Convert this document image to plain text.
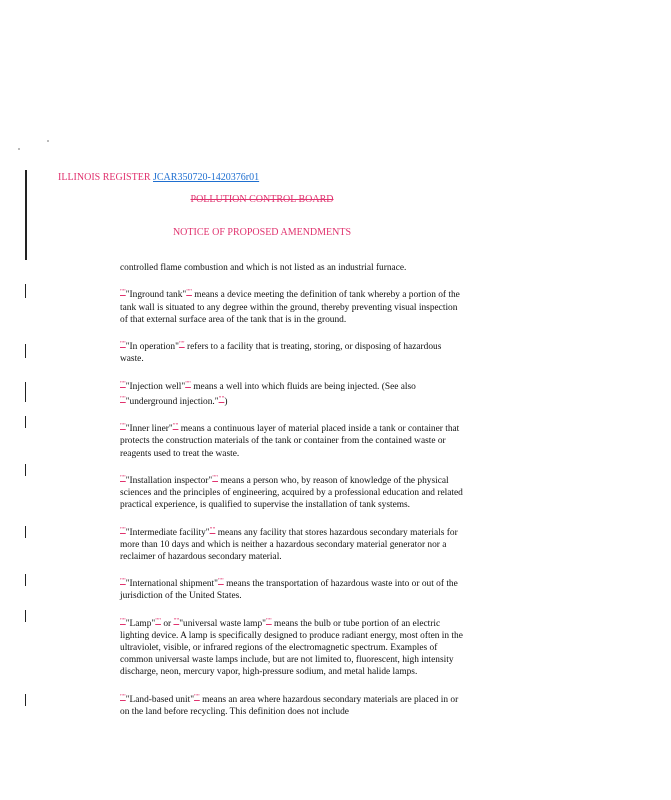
ILLINOIS REGISTER JCAR350720-1420376r01
POLLUTION CONTROL BOARD
NOTICE OF PROPOSED AMENDMENTS

controlled flame combustion and which is not listed as an industrial furnace.

"""Inground tank""" means a device meeting the definition of tank whereby a portion of the tank wall is situated to any degree within the ground, thereby preventing visual inspection of that external surface area of the tank that is in the ground.

"""In operation""" refers to a facility that is treating, storing, or disposing of hazardous waste.

"""Injection well""" means a well into which fluids are being injected. (See also """underground injection.""")

"""Inner liner""" means a continuous layer of material placed inside a tank or container that protects the construction materials of the tank or container from the contained waste or reagents used to treat the waste.

"""Installation inspector""" means a person who, by reason of knowledge of the physical sciences and the principles of engineering, acquired by a professional education and related practical experience, is qualified to supervise the installation of tank systems.

"""Intermediate facility""" means any facility that stores hazardous secondary materials for more than 10 days and which is neither a hazardous secondary material generator nor a reclaimer of hazardous secondary material.

"""International shipment""" means the transportation of hazardous waste into or out of the jurisdiction of the United States.

"""Lamp""" or """universal waste lamp""" means the bulb or tube portion of an electric lighting device. A lamp is specifically designed to produce radiant energy, most often in the ultraviolet, visible, or infrared regions of the electromagnetic spectrum. Examples of common universal waste lamps include, but are not limited to, fluorescent, high intensity discharge, neon, mercury vapor, high-pressure sodium, and metal halide lamps.

"""Land-based unit""" means an area where hazardous secondary materials are placed in or on the land before recycling. This definition does not include
